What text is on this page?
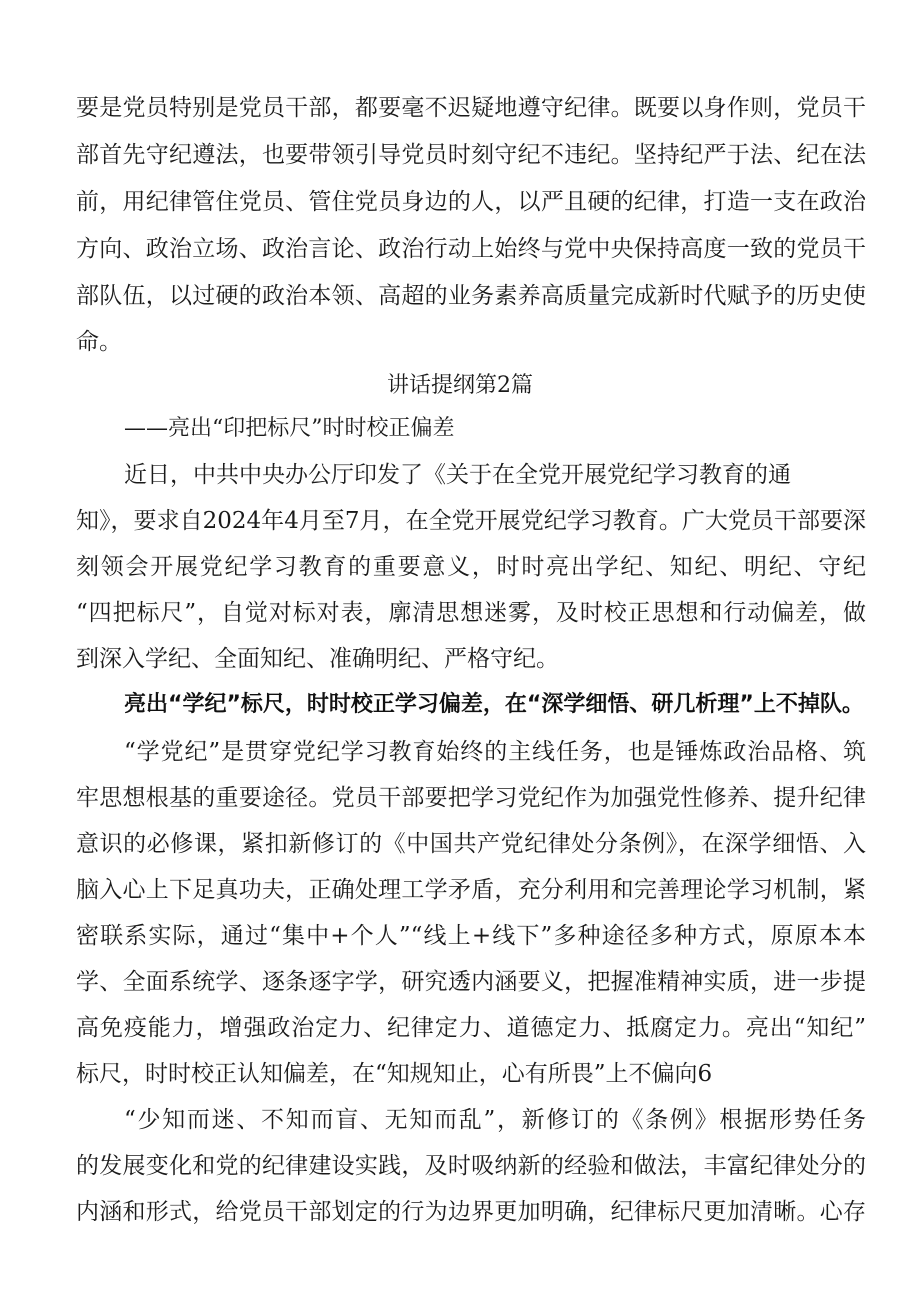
要是党员特别是党员干部，都要毫不迟疑地遵守纪律。既要以身作则，党员干
部首先守纪遵法，也要带领引导党员时刻守纪不违纪。坚持纪严于法、纪在法
前，用纪律管住党员、管住党员身边的人，以严且硬的纪律，打造一支在政治
方向、政治立场、政治言论、政治行动上始终与党中央保持高度一致的党员干
部队伍，以过硬的政治本领、高超的业务素养高质量完成新时代赋予的历史使
命。
讲话提纲第2篇
——亮出“印把标尺”时时校正偏差
近日，中共中央办公厅印发了《关于在全党开展党纪学习教育的通
知》，要求自2024年4月至7月，在全党开展党纪学习教育。广大党员干部要深
刻领会开展党纪学习教育的重要意义，时时亮出学纪、知纪、明纪、守纪
“四把标尺”，自觉对标对表，廓清思想迷雾，及时校正思想和行动偏差，做
到深入学纪、全面知纪、准确明纪、严格守纪。
亮出“学纪”标尺，时时校正学习偏差，在“深学细悟、研几析理”上不掉队。
“学党纪”是贯穿党纪学习教育始终的主线任务，也是锤炼政治品格、筑
牢思想根基的重要途径。党员干部要把学习党纪作为加强党性修养、提升纪律
意识的必修课，紧扣新修订的《中国共产党纪律处分条例》，在深学细悟、入
脑入心上下足真功夫，正确处理工学矛盾，充分利用和完善理论学习机制，紧
密联系实际，通过“集中+个人”“线上+线下”多种途径多种方式，原原本本
学、全面系统学、逐条逐字学，研究透内涵要义，把握准精神实质，进一步提
高免疫能力，增强政治定力、纪律定力、道德定力、抵腐定力。亮出“知纪”
标尺，时时校正认知偏差，在“知规知止，心有所畏”上不偏向6
“少知而迷、不知而盲、无知而乱”，新修订的《条例》根据形势任务
的发展变化和党的纪律建设实践，及时吸纳新的经验和做法，丰富纪律处分的
内涵和形式，给党员干部划定的行为边界更加明确，纪律标尺更加清晰。心存
